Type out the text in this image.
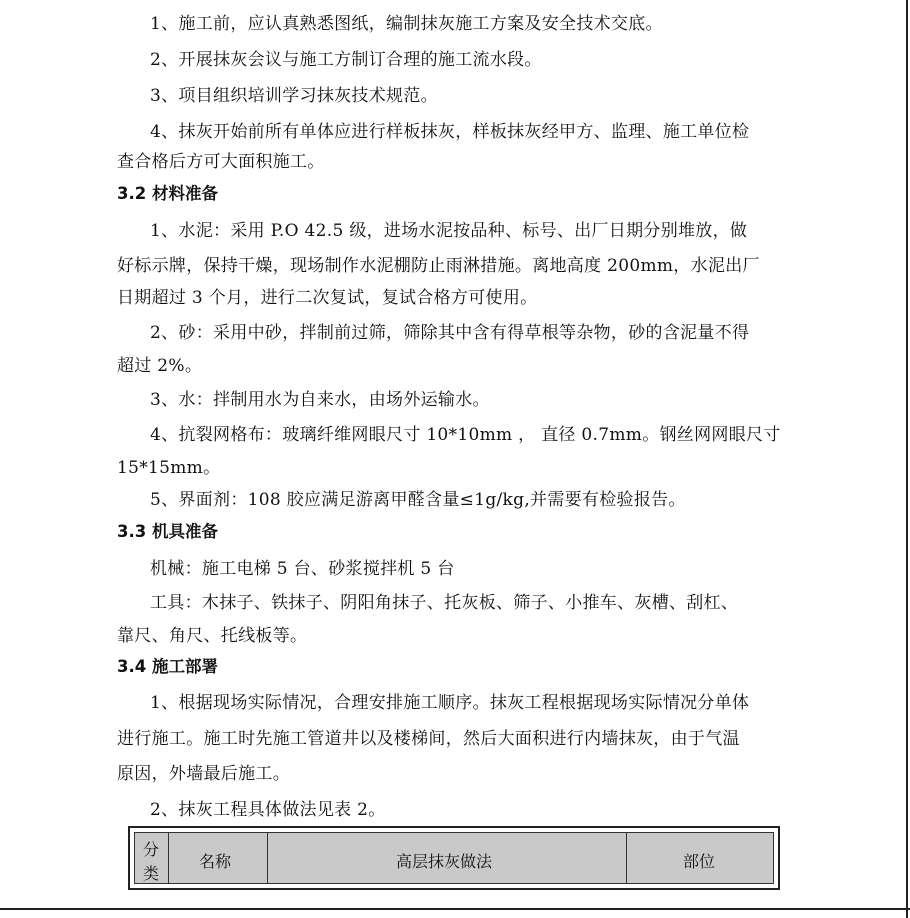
1、施工前，应认真熟悉图纸，编制抹灰施工方案及安全技术交底。
2、开展抹灰会议与施工方制订合理的施工流水段。
3、项目组织培训学习抹灰技术规范。
4、抹灰开始前所有单体应进行样板抹灰，样板抹灰经甲方、监理、施工单位检
查合格后方可大面积施工。
3.2 材料准备
1、水泥：采用 P.O 42.5 级，进场水泥按品种、标号、出厂日期分别堆放，做
好标示牌，保持干燥，现场制作水泥棚防止雨淋措施。离地高度 200mm，水泥出厂
日期超过 3 个月，进行二次复试，复试合格方可使用。
2、砂：采用中砂，拌制前过筛，筛除其中含有得草根等杂物，砂的含泥量不得
超过 2%。
3、水：拌制用水为自来水，由场外运输水。
4、抗裂网格布：玻璃纤维网眼尺寸 10*10mm ， 直径 0.7mm。钢丝网网眼尺寸
15*15mm。
5、界面剂：108 胶应满足游离甲醛含量≤1g/kg,并需要有检验报告。
3.3 机具准备
机械：施工电梯 5 台、砂浆搅拌机 5 台
工具：木抹子、铁抹子、阴阳角抹子、托灰板、筛子、小推车、灰槽、刮杠、
靠尺、角尺、托线板等。
3.4 施工部署
1、根据现场实际情况，合理安排施工顺序。抹灰工程根据现场实际情况分单体
进行施工。施工时先施工管道井以及楼梯间，然后大面积进行内墙抹灰，由于气温
原因，外墙最后施工。
2、抹灰工程具体做法见表 2。
分
类
名称	高层抹灰做法	部位
